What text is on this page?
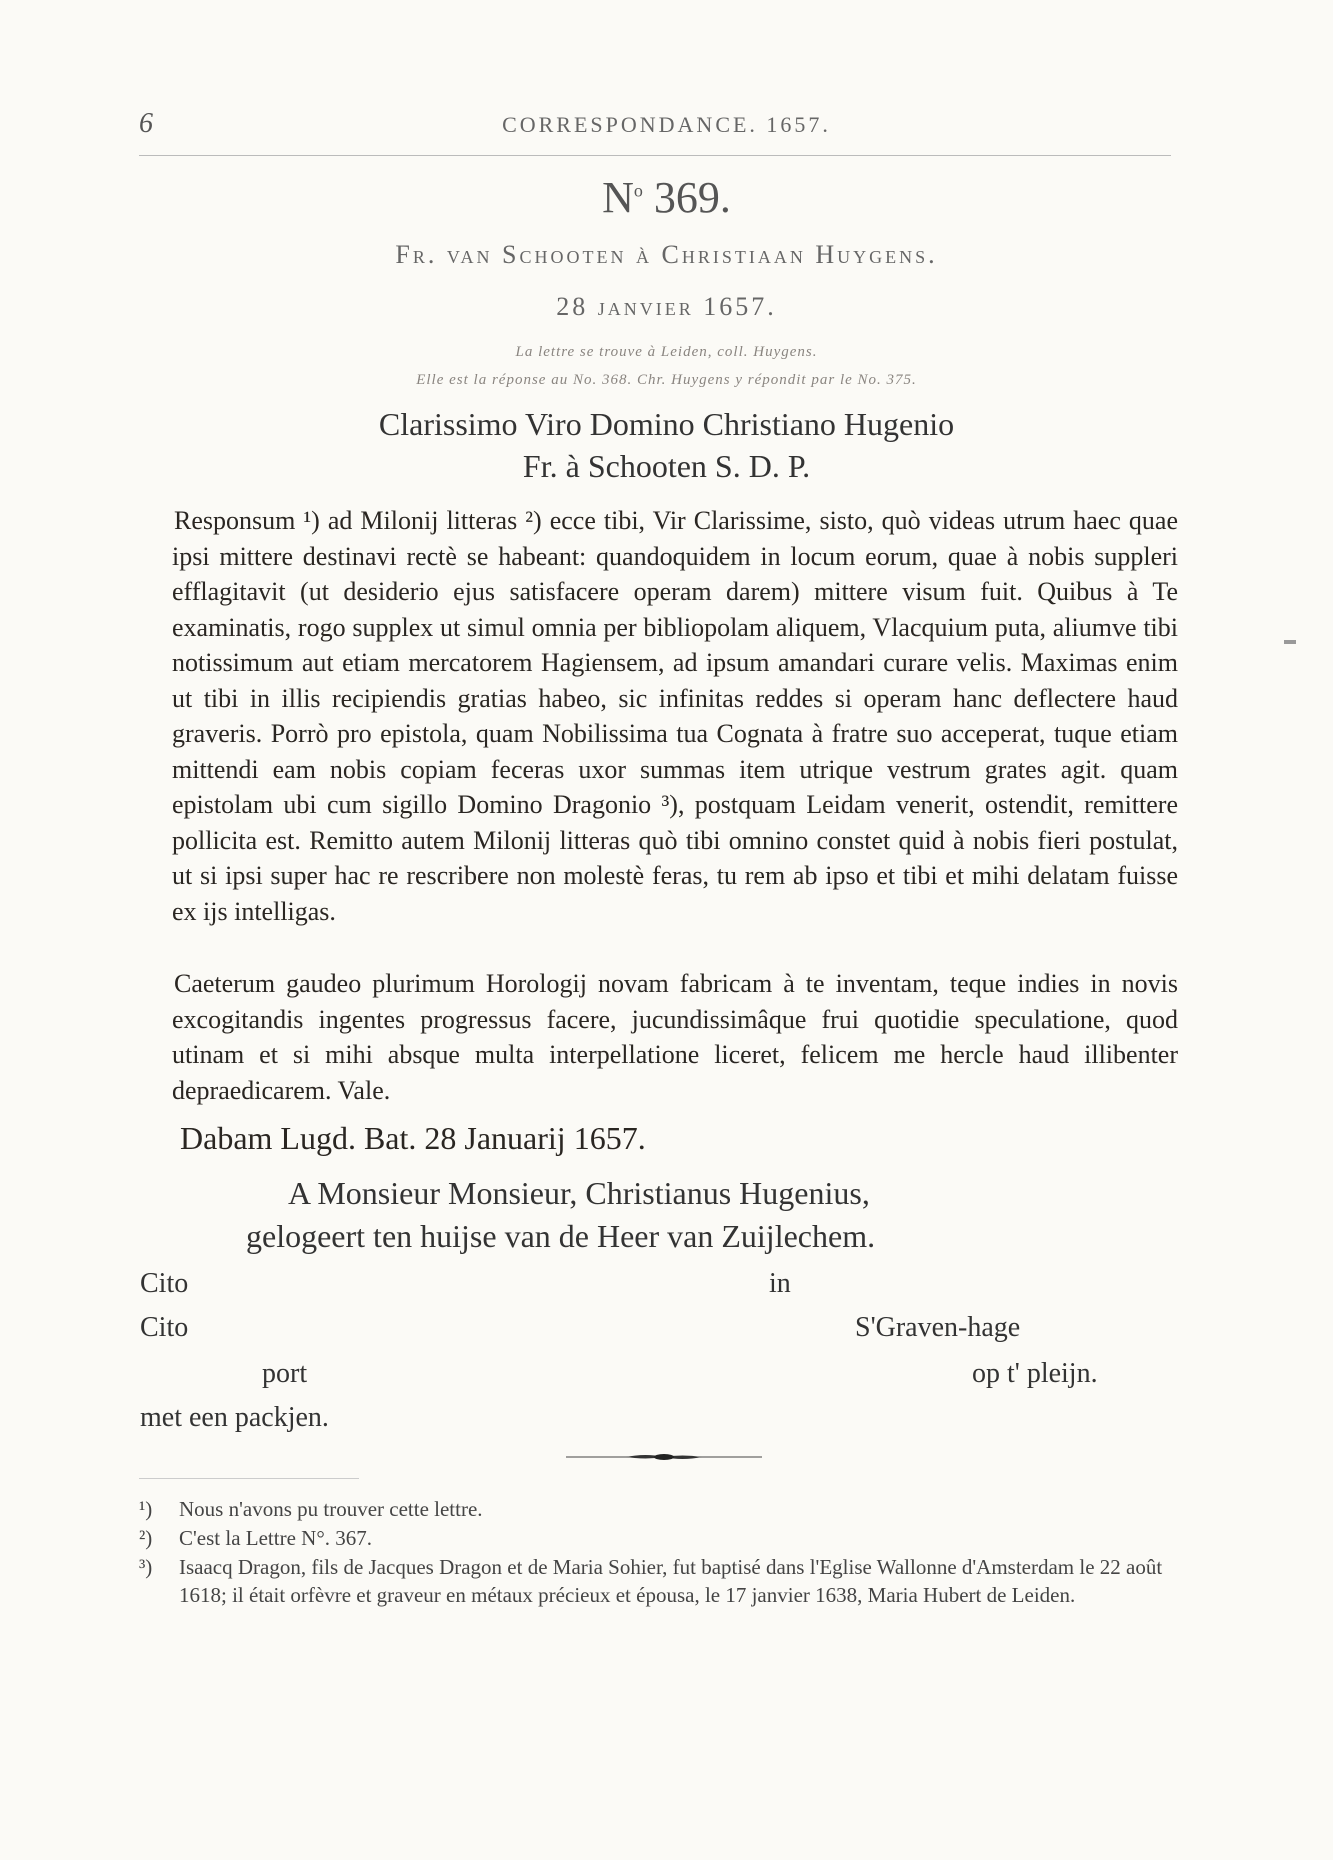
6	CORRESPONDANCE. 1657.
$N^o$ 369.
Fr. van Schooten à Christiaan Huygens.
28 janvier 1657.
La lettre se trouve à Leiden, coll. Huygens.
Elle est la réponse au No. 368. Chr. Huygens y répondit par le No. 375.
Clarissimo Viro Domino Christiano Hugenio
Fr. à Schooten S. D. P.
Responsum ¹) ad Milonij litteras ²) ecce tibi, Vir Clarissime, sisto, quò videas utrum haec quae ipsi mittere destinavi rectè se habeant: quandoquidem in locum eorum, quae à nobis suppleri efflagitavit (ut desiderio ejus satisfacere operam darem) mittere visum fuit. Quibus à Te examinatis, rogo supplex ut simul omnia per bibliopolam aliquem, Vlacquium puta, aliumve tibi notissimum aut etiam mercatorem Hagiensem, ad ipsum amandari curare velis. Maximas enim ut tibi in illis recipiendis gratias habeo, sic infinitas reddes si operam hanc deflectere haud graveris. Porrò pro epistola, quam Nobilissima tua Cognata à fratre suo acceperat, tuque etiam mittendi eam nobis copiam feceras uxor summas item utrique vestrum grates agit. quam epistolam ubi cum sigillo Domino Dragonio ³), postquam Leidam venerit, ostendit, remittere pollicita est. Remitto autem Milonij litteras quò tibi omnino constet quid à nobis fieri postulat, ut si ipsi super hac re rescribere non molestè feras, tu rem ab ipso et tibi et mihi delatam fuisse ex ijs intelligas.
Caeterum gaudeo plurimum Horologij novam fabricam à te inventam, teque indies in novis excogitandis ingentes progressus facere, jucundissimâque frui quotidie speculatione, quod utinam et si mihi absque multa interpellatione liceret, felicem me hercle haud illibenter depraedicarem. Vale.
Dabam Lugd. Bat. 28 Januarij 1657.
A Monsieur Monsieur, Christianus Hugenius,
gelogeert ten huijse van de Heer van Zuijlechem.
Cito
Cito
in
S'Graven-hage
port	op t' pleijn.
met een packjen.
¹) Nous n'avons pu trouver cette lettre.
²) C'est la Lettre N°. 367.
³) Isaacq Dragon, fils de Jacques Dragon et de Maria Sohier, fut baptisé dans l'Eglise Wallonne d'Amsterdam le 22 août 1618; il était orfèvre et graveur en métaux précieux et épousa, le 17 janvier 1638, Maria Hubert de Leiden.
